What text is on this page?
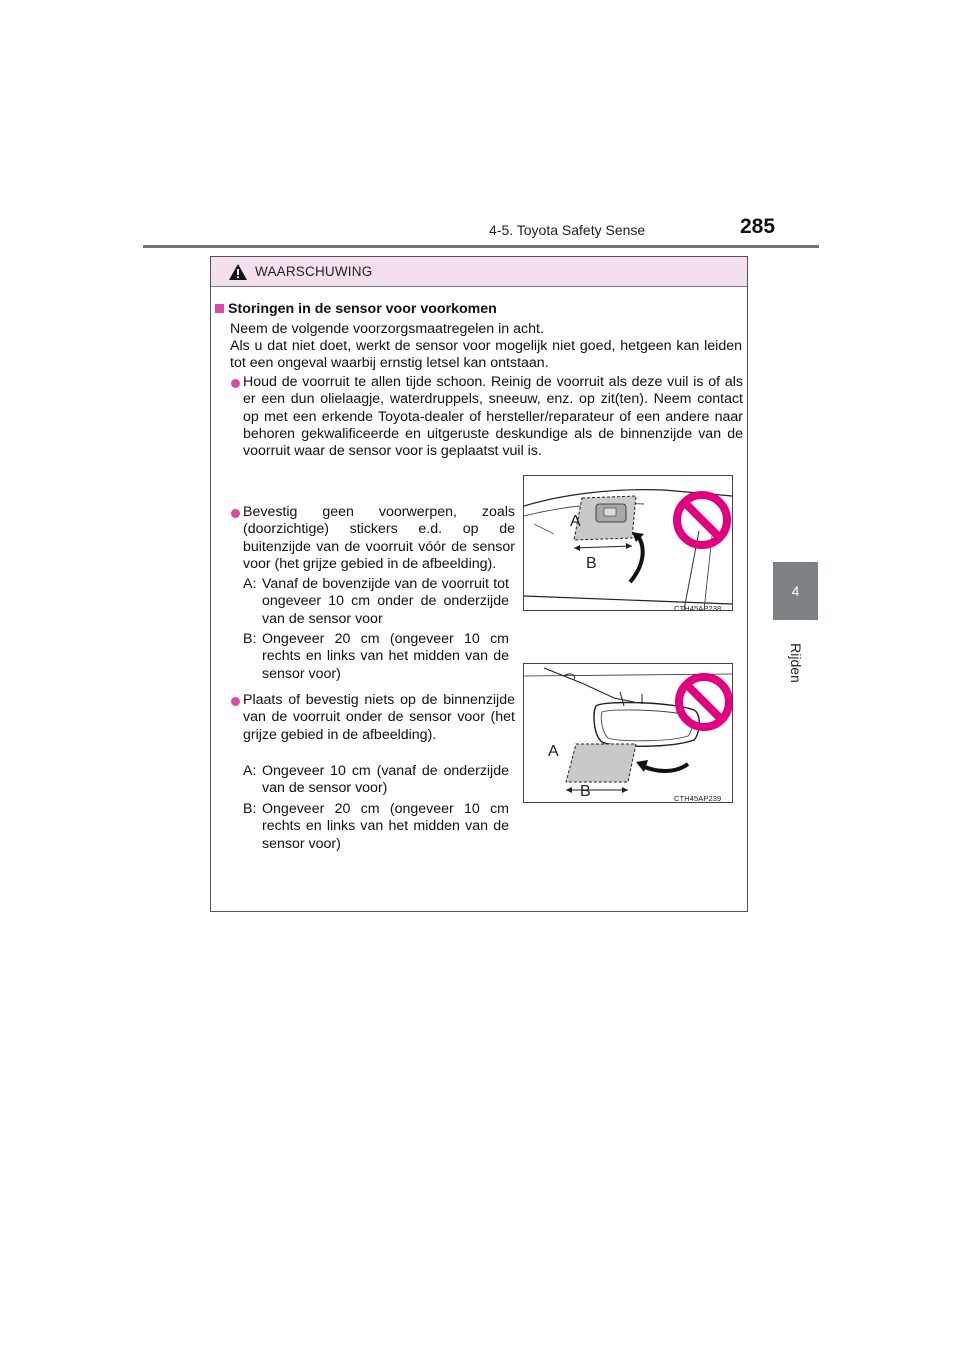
4-5. Toyota Safety Sense	285
4
Rijden
WAARSCHUWING
Storingen in de sensor voor voorkomen
Neem de volgende voorzorgsmaatregelen in acht.
Als u dat niet doet, werkt de sensor voor mogelijk niet goed, hetgeen kan leiden tot een ongeval waarbij ernstig letsel kan ontstaan.
Houd de voorruit te allen tijde schoon. Reinig de voorruit als deze vuil is of als er een dun olielaagje, waterdruppels, sneeuw, enz. op zit(ten). Neem contact op met een erkende Toyota-dealer of hersteller/reparateur of een andere naar behoren gekwalificeerde en uitgeruste deskundige als de binnenzijde van de voorruit waar de sensor voor is geplaatst vuil is.
Bevestig geen voorwerpen, zoals (doorzichtige) stickers e.d. op de buitenzijde van de voorruit vóór de sensor voor (het grijze gebied in de afbeelding).
A: Vanaf de bovenzijde van de voorruit tot ongeveer 10 cm onder de onderzijde van de sensor voor
B: Ongeveer 20 cm (ongeveer 10 cm rechts en links van het midden van de sensor voor)
A
B
CTH45AP238
Plaats of bevestig niets op de binnenzijde van de voorruit onder de sensor voor (het grijze gebied in de afbeelding).
A: Ongeveer 10 cm (vanaf de onderzijde van de sensor voor)
B: Ongeveer 20 cm (ongeveer 10 cm rechts en links van het midden van de sensor voor)
A
B	CTH45AP239
